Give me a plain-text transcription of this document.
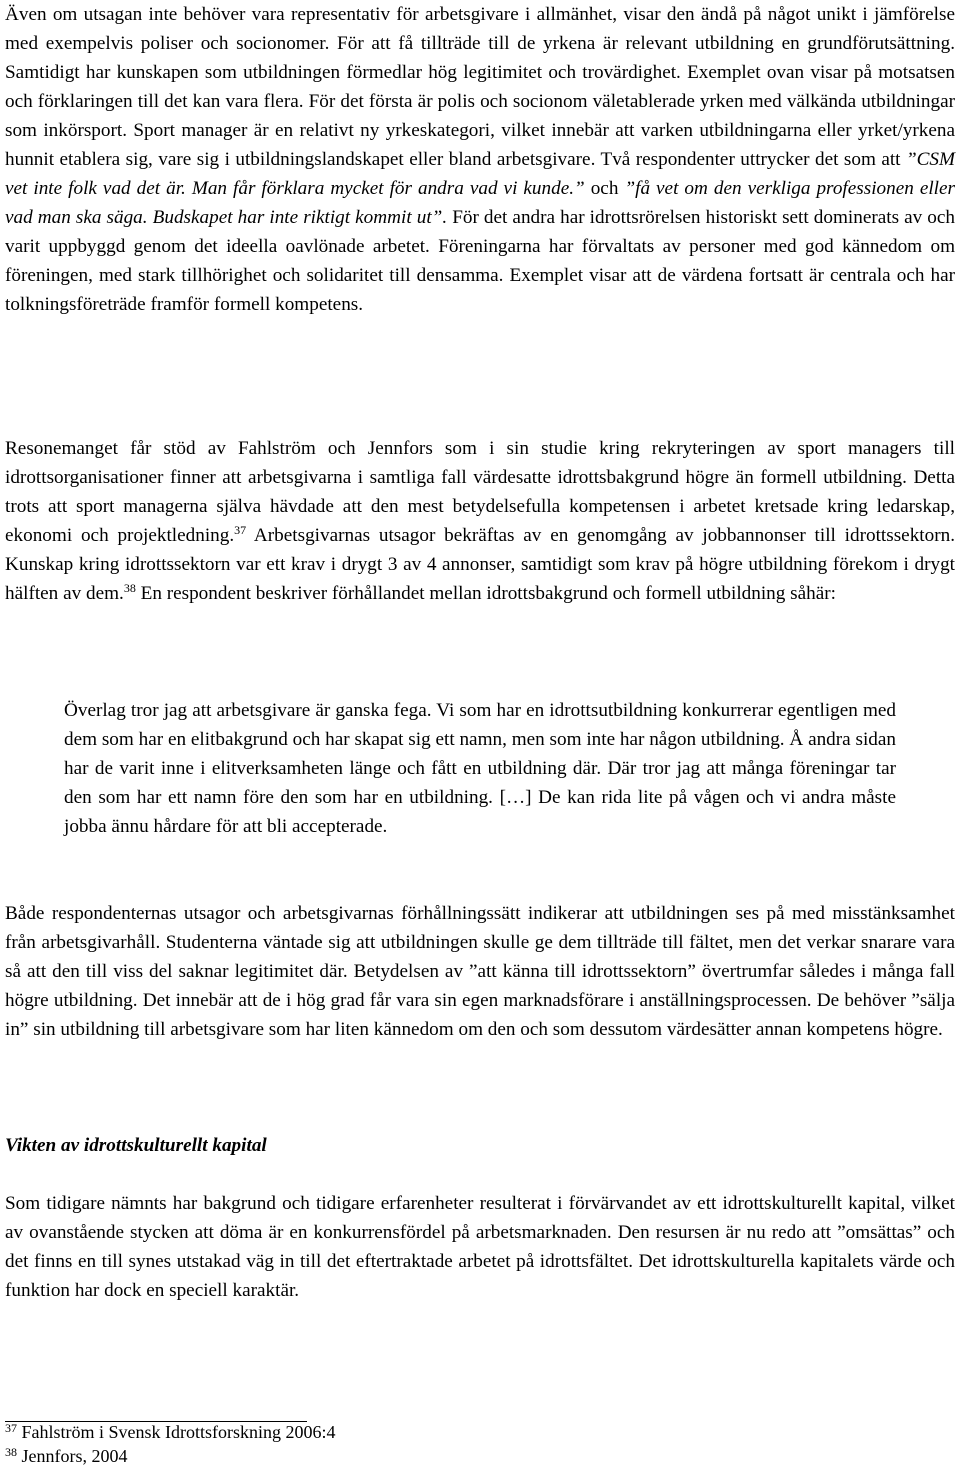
Även om utsagan inte behöver vara representativ för arbetsgivare i allmänhet, visar den ändå på något unikt i jämförelse med exempelvis poliser och socionomer. För att få tillträde till de yrkena är relevant utbildning en grundförutsättning. Samtidigt har kunskapen som utbildningen förmedlar hög legitimitet och trovärdighet. Exemplet ovan visar på motsatsen och förklaringen till det kan vara flera. För det första är polis och socionom väletablerade yrken med välkända utbildningar som inkörsport. Sport manager är en relativt ny yrkeskategori, vilket innebär att varken utbildningarna eller yrket/yrkena hunnit etablera sig, vare sig i utbildningslandskapet eller bland arbetsgivare. Två respondenter uttrycker det som att ”CSM vet inte folk vad det är. Man får förklara mycket för andra vad vi kunde.” och ”få vet om den verkliga professionen eller vad man ska säga. Budskapet har inte riktigt kommit ut”. För det andra har idrottsrörelsen historiskt sett dominerats av och varit uppbyggd genom det ideella oavlönade arbetet. Föreningarna har förvaltats av personer med god kännedom om föreningen, med stark tillhörighet och solidaritet till densamma. Exemplet visar att de värdena fortsatt är centrala och har tolkningsföreträde framför formell kompetens.

Resonemanget får stöd av Fahlström och Jennfors som i sin studie kring rekryteringen av sport managers till idrottsorganisationer finner att arbetsgivarna i samtliga fall värdesatte idrottsbakgrund högre än formell utbildning. Detta trots att sport managerna själva hävdade att den mest betydelsefulla kompetensen i arbetet kretsade kring ledarskap, ekonomi och projektledning.$^{37}$ Arbetsgivarnas utsagor bekräftas av en genomgång av jobbannonser till idrottssektorn. Kunskap kring idrottssektorn var ett krav i drygt 3 av 4 annonser, samtidigt som krav på högre utbildning förekom i drygt hälften av dem.$^{38}$ En respondent beskriver förhållandet mellan idrottsbakgrund och formell utbildning såhär:

Överlag tror jag att arbetsgivare är ganska fega. Vi som har en idrottsutbildning konkurrerar egentligen med dem som har en elitbakgrund och har skapat sig ett namn, men som inte har någon utbildning. Å andra sidan har de varit inne i elitverksamheten länge och fått en utbildning där. Där tror jag att många föreningar tar den som har ett namn före den som har en utbildning. […] De kan rida lite på vågen och vi andra måste jobba ännu hårdare för att bli accepterade.

Både respondenternas utsagor och arbetsgivarnas förhållningssätt indikerar att utbildningen ses på med misstänksamhet från arbetsgivarhåll. Studenterna väntade sig att utbildningen skulle ge dem tillträde till fältet, men det verkar snarare vara så att den till viss del saknar legitimitet där. Betydelsen av ”att känna till idrottssektorn” övertrumfar således i många fall högre utbildning. Det innebär att de i hög grad får vara sin egen marknadsförare i anställningsprocessen. De behöver ”sälja in” sin utbildning till arbetsgivare som har liten kännedom om den och som dessutom värdesätter annan kompetens högre.

Vikten av idrottskulturellt kapital

Som tidigare nämnts har bakgrund och tidigare erfarenheter resulterat i förvärvandet av ett idrottskulturellt kapital, vilket av ovanstående stycken att döma är en konkurrensfördel på arbetsmarknaden. Den resursen är nu redo att ”omsättas” och det finns en till synes utstakad väg in till det eftertraktade arbetet på idrottsfältet. Det idrottskulturella kapitalets värde och funktion har dock en speciell karaktär.

$^{37}$ Fahlström i Svensk Idrottsforskning 2006:4
$^{38}$ Jennfors, 2004
